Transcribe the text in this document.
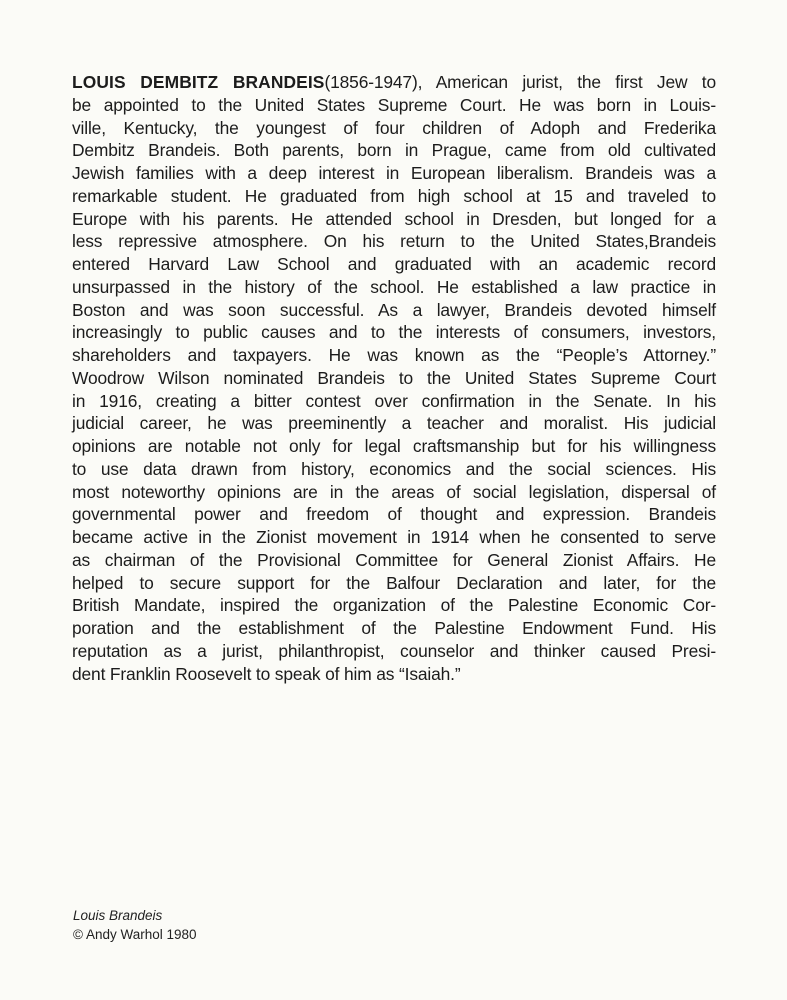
LOUIS DEMBITZ BRANDEIS(1856-1947), American jurist, the first Jew to
be appointed to the United States Supreme Court. He was born in Louis-
ville, Kentucky, the youngest of four children of Adoph and Frederika
Dembitz Brandeis. Both parents, born in Prague, came from old cultivated
Jewish families with a deep interest in European liberalism. Brandeis was a
remarkable student. He graduated from high school at 15 and traveled to
Europe with his parents. He attended school in Dresden, but longed for a
less repressive atmosphere. On his return to the United States,Brandeis
entered Harvard Law School and graduated with an academic record
unsurpassed in the history of the school. He established a law practice in
Boston and was soon successful. As a lawyer, Brandeis devoted himself
increasingly to public causes and to the interests of consumers, investors,
shareholders and taxpayers. He was known as the “People’s Attorney.”
Woodrow Wilson nominated Brandeis to the United States Supreme Court
in 1916, creating a bitter contest over confirmation in the Senate. In his
judicial career, he was preeminently a teacher and moralist. His judicial
opinions are notable not only for legal craftsmanship but for his willingness
to use data drawn from history, economics and the social sciences. His
most noteworthy opinions are in the areas of social legislation, dispersal of
governmental power and freedom of thought and expression. Brandeis
became active in the Zionist movement in 1914 when he consented to serve
as chairman of the Provisional Committee for General Zionist Affairs. He
helped to secure support for the Balfour Declaration and later, for the
British Mandate, inspired the organization of the Palestine Economic Cor-
poration and the establishment of the Palestine Endowment Fund. His
reputation as a jurist, philanthropist, counselor and thinker caused Presi-
dent Franklin Roosevelt to speak of him as “Isaiah.”
Louis Brandeis
© Andy Warhol 1980
